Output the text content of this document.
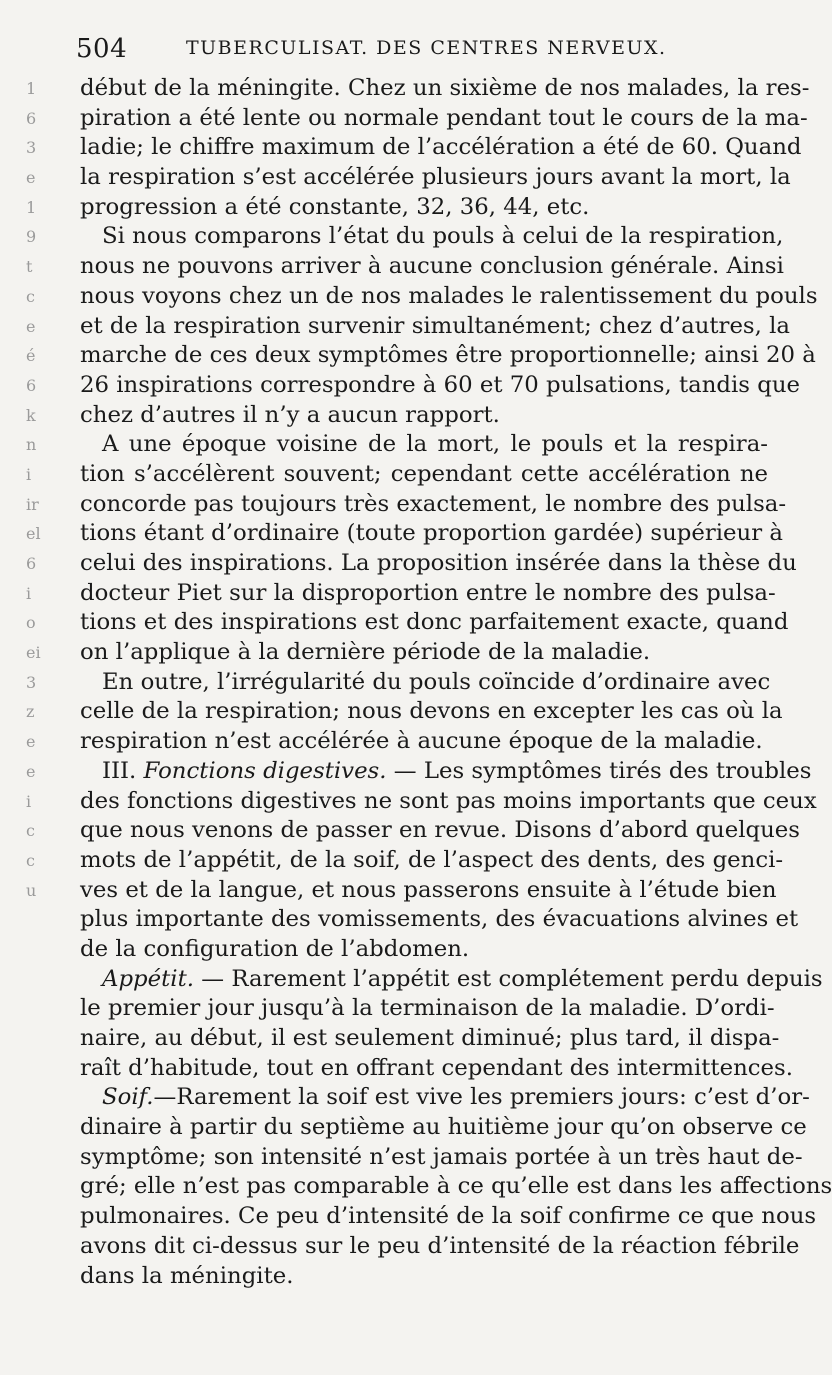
504	TUBERCULISAT. DES CENTRES NERVEUX.
1
6
3
e
1
9
t
c
e
é
6
k
n
i
ir
el
6
i
o
ei
3
z
e
e
i
c
c
u
début de la méningite. Chez un sixième de nos malades, la res-
piration a été lente ou normale pendant tout le cours de la ma-
ladie; le chiffre maximum de l’accélération a été de 60. Quand
la respiration s’est accélérée plusieurs jours avant la mort, la
progression a été constante, 32, 36, 44, etc.
Si nous comparons l’état du pouls à celui de la respiration,
nous ne pouvons arriver à aucune conclusion générale. Ainsi
nous voyons chez un de nos malades le ralentissement du pouls
et de la respiration survenir simultanément; chez d’autres, la
marche de ces deux symptômes être proportionnelle; ainsi 20 à
26 inspirations correspondre à 60 et 70 pulsations, tandis que
chez d’autres il n’y a aucun rapport.
A une époque voisine de la mort, le pouls et la respira-
tion s’accélèrent souvent; cependant cette accélération ne
concorde pas toujours très exactement, le nombre des pulsa-
tions étant d’ordinaire (toute proportion gardée) supérieur à
celui des inspirations. La proposition insérée dans la thèse du
docteur Piet sur la disproportion entre le nombre des pulsa-
tions et des inspirations est donc parfaitement exacte, quand
on l’applique à la dernière période de la maladie.
En outre, l’irrégularité du pouls coïncide d’ordinaire avec
celle de la respiration; nous devons en excepter les cas où la
respiration n’est accélérée à aucune époque de la maladie.
III. Fonctions digestives. — Les symptômes tirés des troubles
des fonctions digestives ne sont pas moins importants que ceux
que nous venons de passer en revue. Disons d’abord quelques
mots de l’appétit, de la soif, de l’aspect des dents, des genci-
ves et de la langue, et nous passerons ensuite à l’étude bien
plus importante des vomissements, des évacuations alvines et
de la configuration de l’abdomen.
Appétit. — Rarement l’appétit est complétement perdu depuis
le premier jour jusqu’à la terminaison de la maladie. D’ordi-
naire, au début, il est seulement diminué; plus tard, il dispa-
raît d’habitude, tout en offrant cependant des intermittences.
Soif.—Rarement la soif est vive les premiers jours: c’est d’or-
dinaire à partir du septième au huitième jour qu’on observe ce
symptôme; son intensité n’est jamais portée à un très haut de-
gré; elle n’est pas comparable à ce qu’elle est dans les affections
pulmonaires. Ce peu d’intensité de la soif confirme ce que nous
avons dit ci-dessus sur le peu d’intensité de la réaction fébrile
dans la méningite.
